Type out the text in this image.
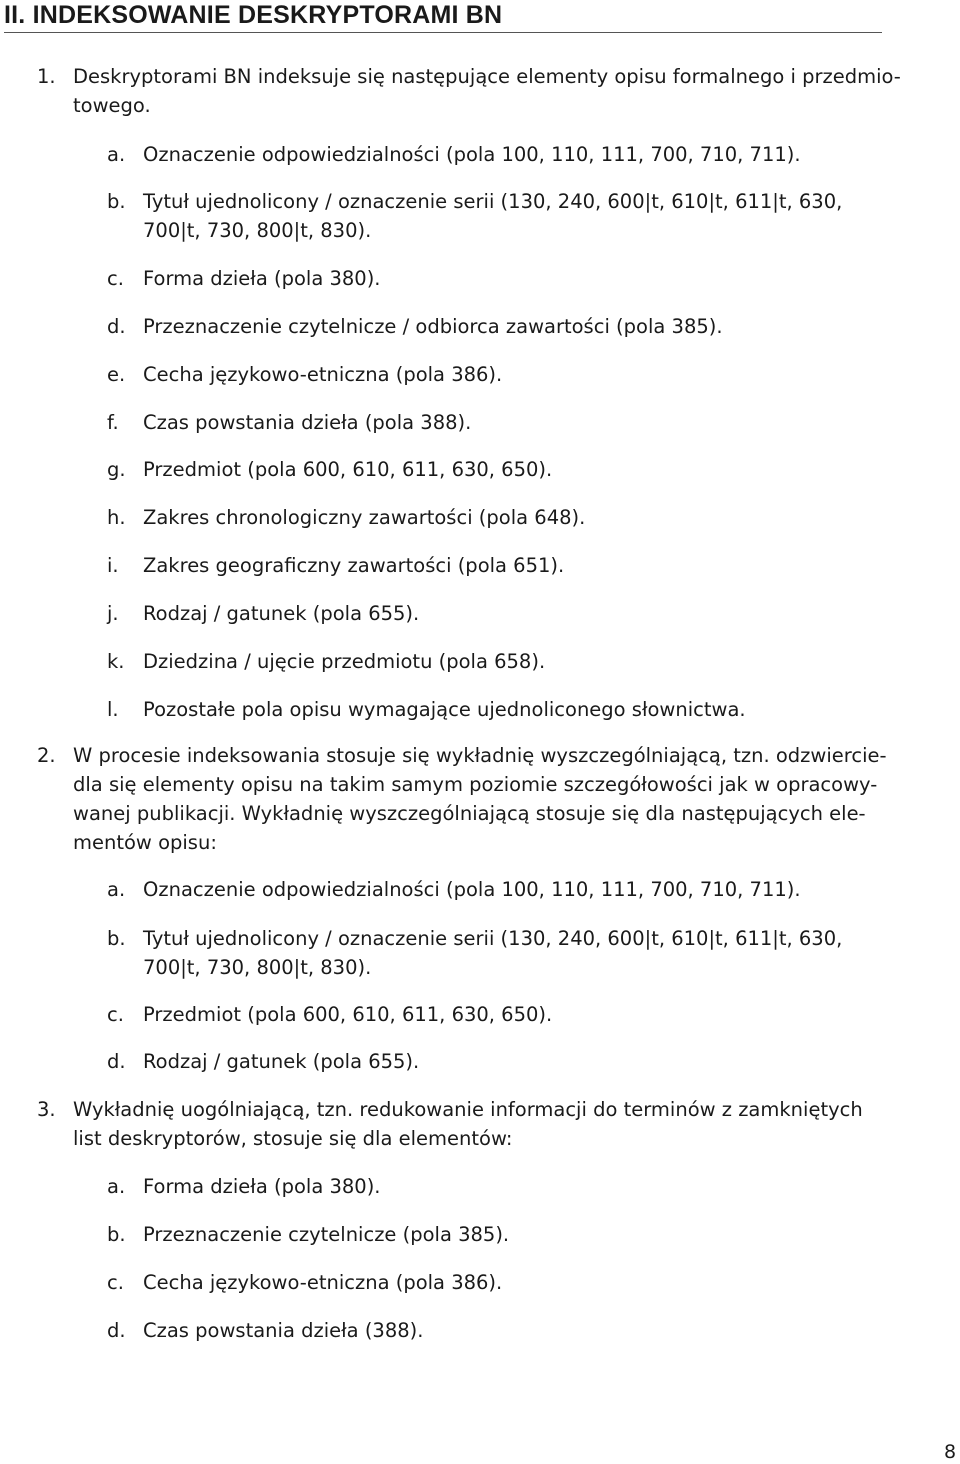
II. INDEKSOWANIE DESKRYPTORAMI BN
1. Deskryptorami BN indeksuje się następujące elementy opisu formalnego i przedmio-
towego.
a. Oznaczenie odpowiedzialności (pola 100, 110, 111, 700, 710, 711).
b. Tytuł ujednolicony / oznaczenie serii (130, 240, 600|t, 610|t, 611|t, 630,
700|t, 730, 800|t, 830).
c. Forma dzieła (pola 380).
d. Przeznaczenie czytelnicze / odbiorca zawartości (pola 385).
e. Cecha językowo-etniczna (pola 386).
f. Czas powstania dzieła (pola 388).
g. Przedmiot (pola 600, 610, 611, 630, 650).
h. Zakres chronologiczny zawartości (pola 648).
i. Zakres geograficzny zawartości (pola 651).
j. Rodzaj / gatunek (pola 655).
k. Dziedzina / ujęcie przedmiotu (pola 658).
l. Pozostałe pola opisu wymagające ujednoliconego słownictwa.
2. W procesie indeksowania stosuje się wykładnię wyszczególniającą, tzn. odzwiercie-
dla się elementy opisu na takim samym poziomie szczegółowości jak w opracowy-
wanej publikacji. Wykładnię wyszczególniającą stosuje się dla następujących ele-
mentów opisu:
a. Oznaczenie odpowiedzialności (pola 100, 110, 111, 700, 710, 711).
b. Tytuł ujednolicony / oznaczenie serii (130, 240, 600|t, 610|t, 611|t, 630,
700|t, 730, 800|t, 830).
c. Przedmiot (pola 600, 610, 611, 630, 650).
d. Rodzaj / gatunek (pola 655).
3. Wykładnię uogólniającą, tzn. redukowanie informacji do terminów z zamkniętych
list deskryptorów, stosuje się dla elementów:
a. Forma dzieła (pola 380).
b. Przeznaczenie czytelnicze (pola 385).
c. Cecha językowo-etniczna (pola 386).
d. Czas powstania dzieła (388).
8
